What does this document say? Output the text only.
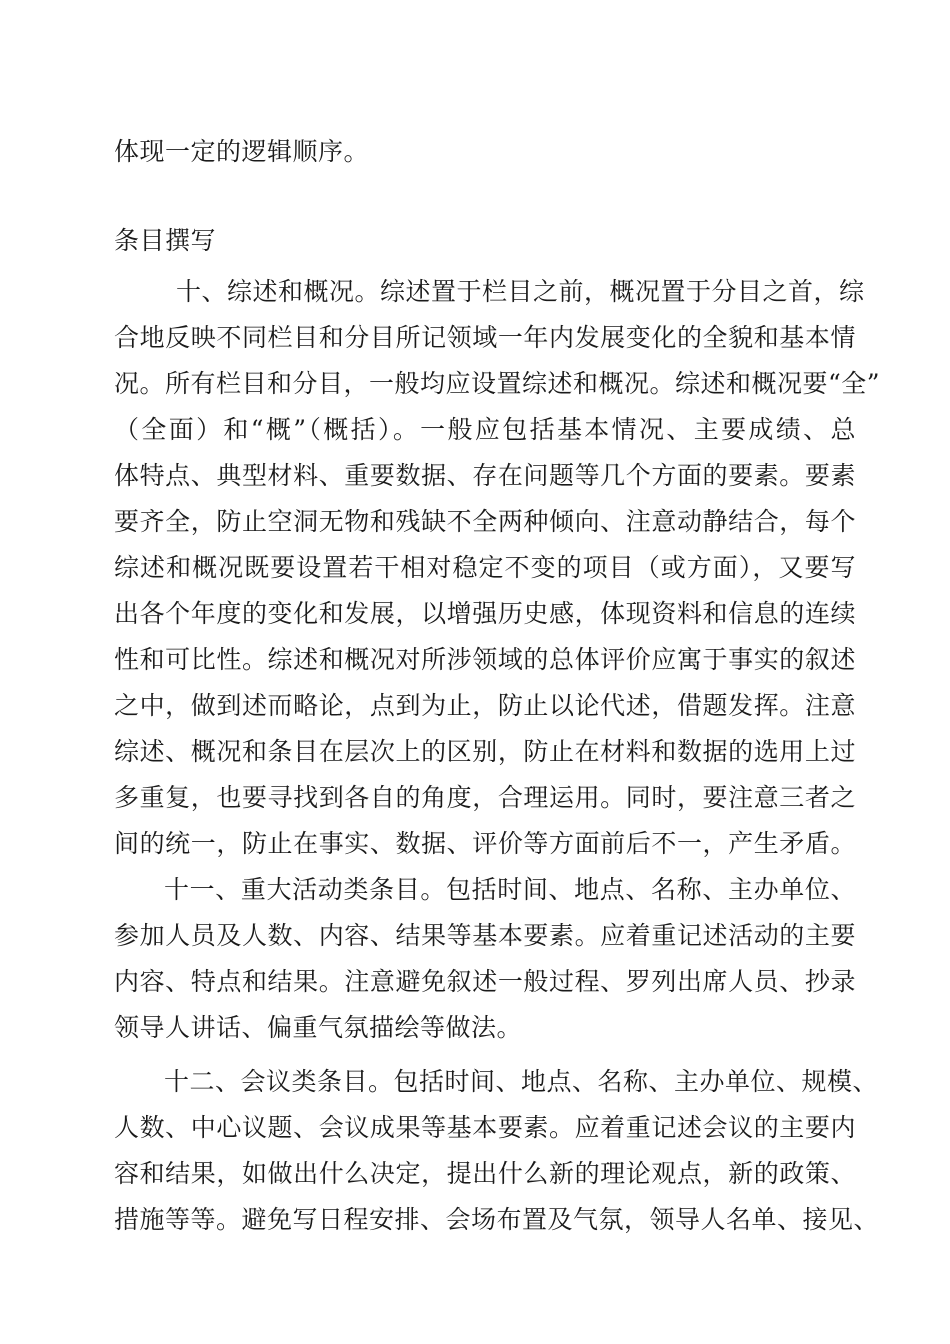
体现一定的逻辑顺序。
条目撰写
十、综述和概况。综述置于栏目之前，概况置于分目之首，综
合地反映不同栏目和分目所记领域一年内发展变化的全貌和基本情
况。所有栏目和分目，一般均应设置综述和概况。综述和概况要“全”
（全面）和“概”（概括）。一般应包括基本情况、主要成绩、总
体特点、典型材料、重要数据、存在问题等几个方面的要素。要素
要齐全，防止空洞无物和残缺不全两种倾向、注意动静结合，每个
综述和概况既要设置若干相对稳定不变的项目（或方面），又要写
出各个年度的变化和发展，以增强历史感，体现资料和信息的连续
性和可比性。综述和概况对所涉领域的总体评价应寓于事实的叙述
之中，做到述而略论，点到为止，防止以论代述，借题发挥。注意
综述、概况和条目在层次上的区别，防止在材料和数据的选用上过
多重复，也要寻找到各自的角度，合理运用。同时，要注意三者之
间的统一，防止在事实、数据、评价等方面前后不一，产生矛盾。
十一、重大活动类条目。包括时间、地点、名称、主办单位、
参加人员及人数、内容、结果等基本要素。应着重记述活动的主要
内容、特点和结果。注意避免叙述一般过程、罗列出席人员、抄录
领导人讲话、偏重气氛描绘等做法。
十二、会议类条目。包括时间、地点、名称、主办单位、规模、
人数、中心议题、会议成果等基本要素。应着重记述会议的主要内
容和结果，如做出什么决定，提出什么新的理论观点，新的政策、
措施等等。避免写日程安排、会场布置及气氛，领导人名单、接见、
